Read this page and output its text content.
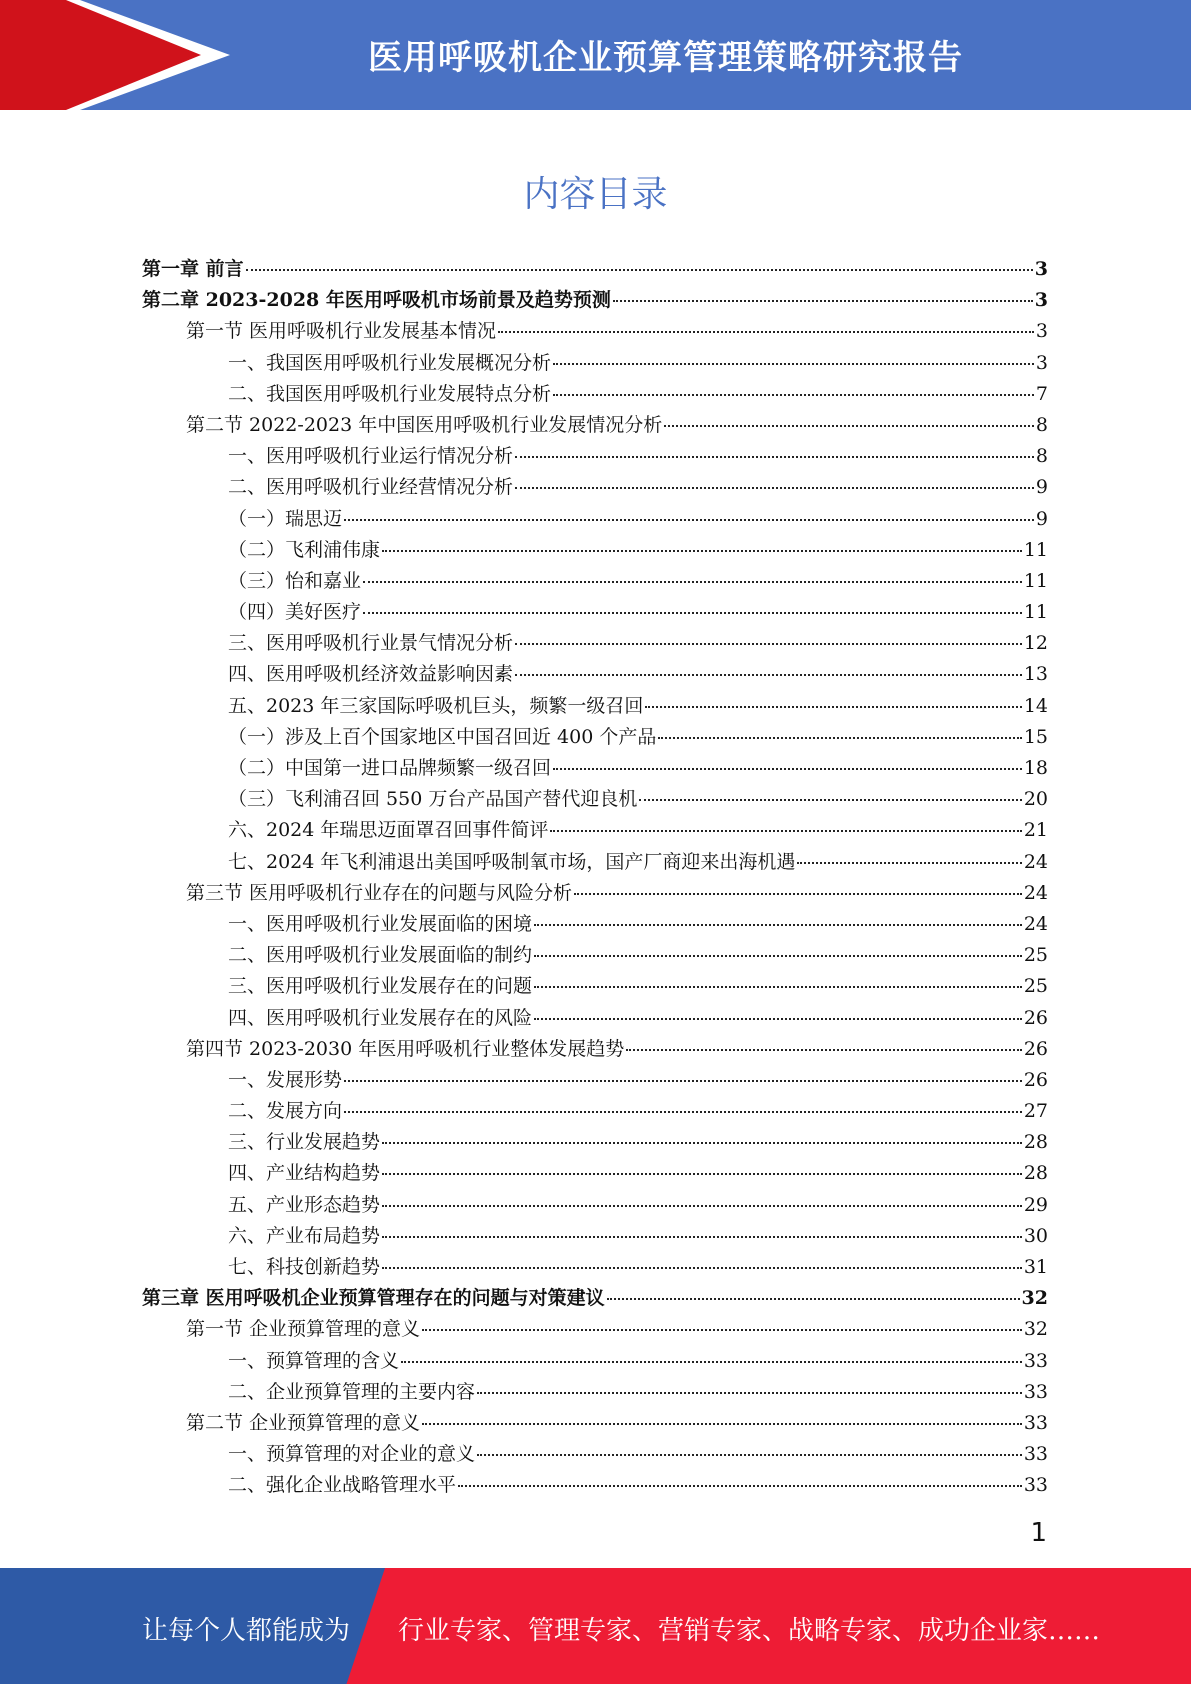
医用呼吸机企业预算管理策略研究报告
内容目录
第一章 前言	3
第二章 2023-2028 年医用呼吸机市场前景及趋势预测	3
第一节 医用呼吸机行业发展基本情况	3
一、我国医用呼吸机行业发展概况分析	3
二、我国医用呼吸机行业发展特点分析	7
第二节 2022-2023 年中国医用呼吸机行业发展情况分析	8
一、医用呼吸机行业运行情况分析	8
二、医用呼吸机行业经营情况分析	9
（一）瑞思迈	9
（二）飞利浦伟康	11
（三）怡和嘉业	11
（四）美好医疗	11
三、医用呼吸机行业景气情况分析	12
四、医用呼吸机经济效益影响因素	13
五、2023 年三家国际呼吸机巨头，频繁一级召回	14
（一）涉及上百个国家地区中国召回近 400 个产品	15
（二）中国第一进口品牌频繁一级召回	18
（三）飞利浦召回 550 万台产品国产替代迎良机	20
六、2024 年瑞思迈面罩召回事件简评	21
七、2024 年飞利浦退出美国呼吸制氧市场，国产厂商迎来出海机遇	24
第三节 医用呼吸机行业存在的问题与风险分析	24
一、医用呼吸机行业发展面临的困境	24
二、医用呼吸机行业发展面临的制约	25
三、医用呼吸机行业发展存在的问题	25
四、医用呼吸机行业发展存在的风险	26
第四节 2023-2030 年医用呼吸机行业整体发展趋势	26
一、发展形势	26
二、发展方向	27
三、行业发展趋势	28
四、产业结构趋势	28
五、产业形态趋势	29
六、产业布局趋势	30
七、科技创新趋势	31
第三章 医用呼吸机企业预算管理存在的问题与对策建议	32
第一节 企业预算管理的意义	32
一、预算管理的含义	33
二、企业预算管理的主要内容	33
第二节 企业预算管理的意义	33
一、预算管理的对企业的意义	33
二、强化企业战略管理水平	33
1
让每个人都能成为 行业专家、管理专家、营销专家、战略专家、成功企业家……
